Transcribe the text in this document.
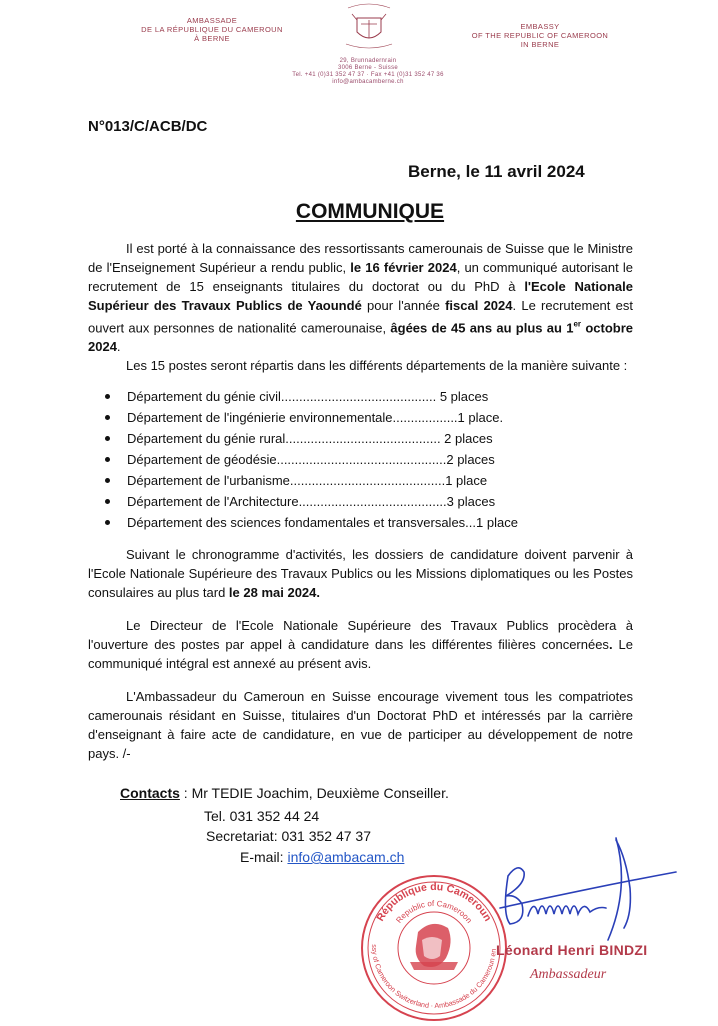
AMBASSADE
DE LA RÉPUBLIQUE DU CAMEROUN
À BERNE
EMBASSY
OF THE REPUBLIC OF CAMEROON
IN BERNE
29, Brunnadernrain
3006 Berne - Suisse
Tel. +41 (0)31 352 47 37 · Fax +41 (0)31 352 47 36
info@ambacamberne.ch
N°013/C/ACB/DC
Berne, le 11 avril 2024
COMMUNIQUE
Il est porté à la connaissance des ressortissants camerounais de Suisse que le Ministre de l'Enseignement Supérieur a rendu public, le 16 février 2024, un communiqué autorisant le recrutement de 15 enseignants titulaires du doctorat ou du PhD à l'Ecole Nationale Supérieur des Travaux Publics de Yaoundé pour l'année fiscal 2024. Le recrutement est ouvert aux personnes de nationalité camerounaise, âgées de 45 ans au plus au 1er octobre 2024.
Les 15 postes seront répartis dans les différents départements de la manière suivante :
Département du génie civil........................................... 5 places
Département de l'ingénierie environnementale..................1 place.
Département du génie rural........................................... 2 places
Département de géodésie...............................................2 places
Département de l'urbanisme...........................................1 place
Département de l'Architecture.........................................3 places
Département des sciences fondamentales et transversales...1 place
Suivant le chronogramme d'activités, les dossiers de candidature doivent parvenir à l'Ecole Nationale Supérieure des Travaux Publics ou les Missions diplomatiques ou les Postes consulaires au plus tard le 28 mai 2024.
Le Directeur de l'Ecole Nationale Supérieure des Travaux Publics procèdera à l'ouverture des postes par appel à candidature dans les différentes filières concernées. Le communiqué intégral est annexé au présent avis.
L'Ambassadeur du Cameroun en Suisse encourage vivement tous les compatriotes camerounais résidant en Suisse, titulaires d'un Doctorat PhD et intéressés par la carrière d'enseignant à faire acte de candidature, en vue de participer au développement de notre pays. /-
Contacts : Mr TEDIE Joachim, Deuxième Conseiller.
Tel. 031 352 44 24
Secretariat: 031 352 47 37
E-mail: info@ambacam.ch
République du Cameroun
Republic of Cameroon
ssy of Cameroon Switzerland · Ambassade du Cameroun en
Léonard Henri BINDZI
Ambassadeur
